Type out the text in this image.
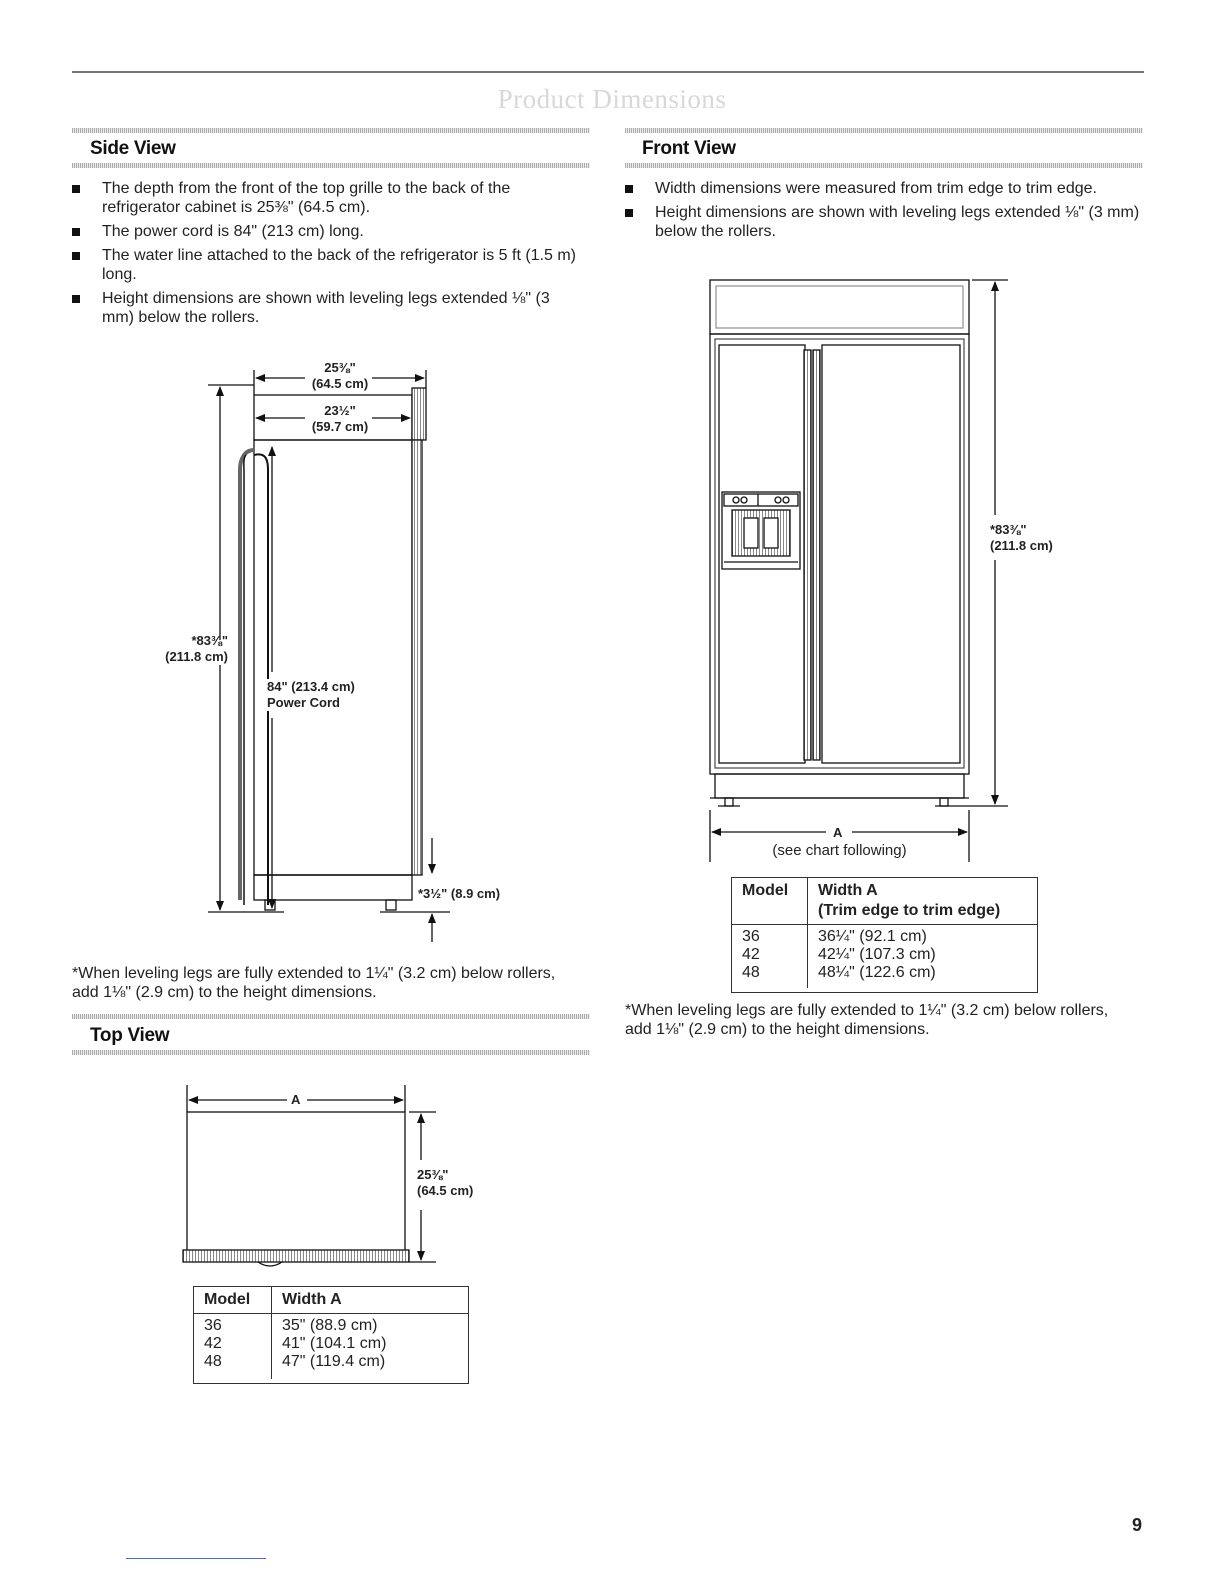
Product Dimensions
Side View
The depth from the front of the top grille to the back of the refrigerator cabinet is 25⅜" (64.5 cm).
The power cord is 84" (213 cm) long.
The water line attached to the back of the refrigerator is 5 ft (1.5 m) long.
Height dimensions are shown with leveling legs extended ⅛" (3 mm) below the rollers.
25⅜"
(64.5 cm)
23½"
(59.7 cm)
*83⅜"
(211.8 cm)
84" (213.4 cm)
Power Cord
*3½" (8.9 cm)
*When leveling legs are fully extended to 1¼" (3.2 cm) below rollers, add 1⅛" (2.9 cm) to the height dimensions.
Top View
A
25⅜"
(64.5 cm)
Model	Width A
36	35" (88.9 cm)
42	41" (104.1 cm)
48	47" (119.4 cm)
Front View
Width dimensions were measured from trim edge to trim edge.
Height dimensions are shown with leveling legs extended ⅛" (3 mm) below the rollers.
*83⅜"
(211.8 cm)
A
(see chart following)
Model	Width A
(Trim edge to trim edge)

36	36¼" (92.1 cm)
42	42¼" (107.3 cm)
48	48¼" (122.6 cm)
*When leveling legs are fully extended to 1¼" (3.2 cm) below rollers, add 1⅛" (2.9 cm) to the height dimensions.
9
